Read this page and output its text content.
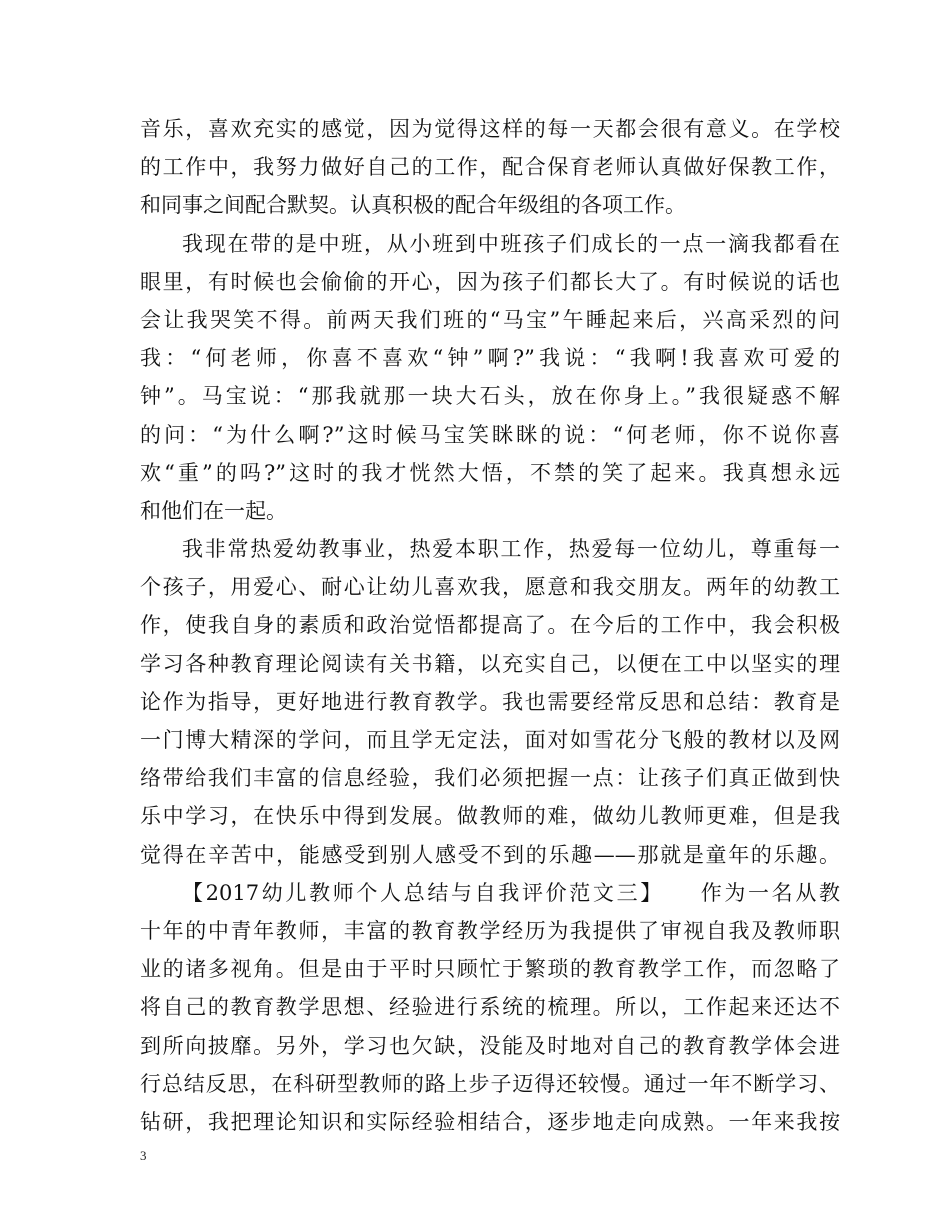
音乐，喜欢充实的感觉，因为觉得这样的每一天都会很有意义。在学校
的工作中，我努力做好自己的工作，配合保育老师认真做好保教工作，
和同事之间配合默契。认真积极的配合年级组的各项工作。
我现在带的是中班，从小班到中班孩子们成长的一点一滴我都看在
眼里，有时候也会偷偷的开心，因为孩子们都长大了。有时候说的话也
会让我哭笑不得。前两天我们班的“马宝”午睡起来后，兴高采烈的问
我：“何老师，你喜不喜欢“钟”啊?”我说：“我啊!我喜欢可爱的
钟”。马宝说：“那我就那一块大石头，放在你身上。”我很疑惑不解
的问：“为什么啊?”这时候马宝笑眯眯的说：“何老师，你不说你喜
欢“重”的吗?”这时的我才恍然大悟，不禁的笑了起来。我真想永远
和他们在一起。
我非常热爱幼教事业，热爱本职工作，热爱每一位幼儿，尊重每一
个孩子，用爱心、耐心让幼儿喜欢我，愿意和我交朋友。两年的幼教工
作，使我自身的素质和政治觉悟都提高了。在今后的工作中，我会积极
学习各种教育理论阅读有关书籍，以充实自己，以便在工中以坚实的理
论作为指导，更好地进行教育教学。我也需要经常反思和总结：教育是
一门博大精深的学问，而且学无定法，面对如雪花分飞般的教材以及网
络带给我们丰富的信息经验，我们必须把握一点：让孩子们真正做到快
乐中学习，在快乐中得到发展。做教师的难，做幼儿教师更难，但是我
觉得在辛苦中，能感受到别人感受不到的乐趣——那就是童年的乐趣。
【2017幼儿教师个人总结与自我评价范文三】　　作为一名从教
十年的中青年教师，丰富的教育教学经历为我提供了审视自我及教师职
业的诸多视角。但是由于平时只顾忙于繁琐的教育教学工作，而忽略了
将自己的教育教学思想、经验进行系统的梳理。所以，工作起来还达不
到所向披靡。另外，学习也欠缺，没能及时地对自己的教育教学体会进
行总结反思，在科研型教师的路上步子迈得还较慢。通过一年不断学习、
钻研，我把理论知识和实际经验相结合，逐步地走向成熟。一年来我按
3
